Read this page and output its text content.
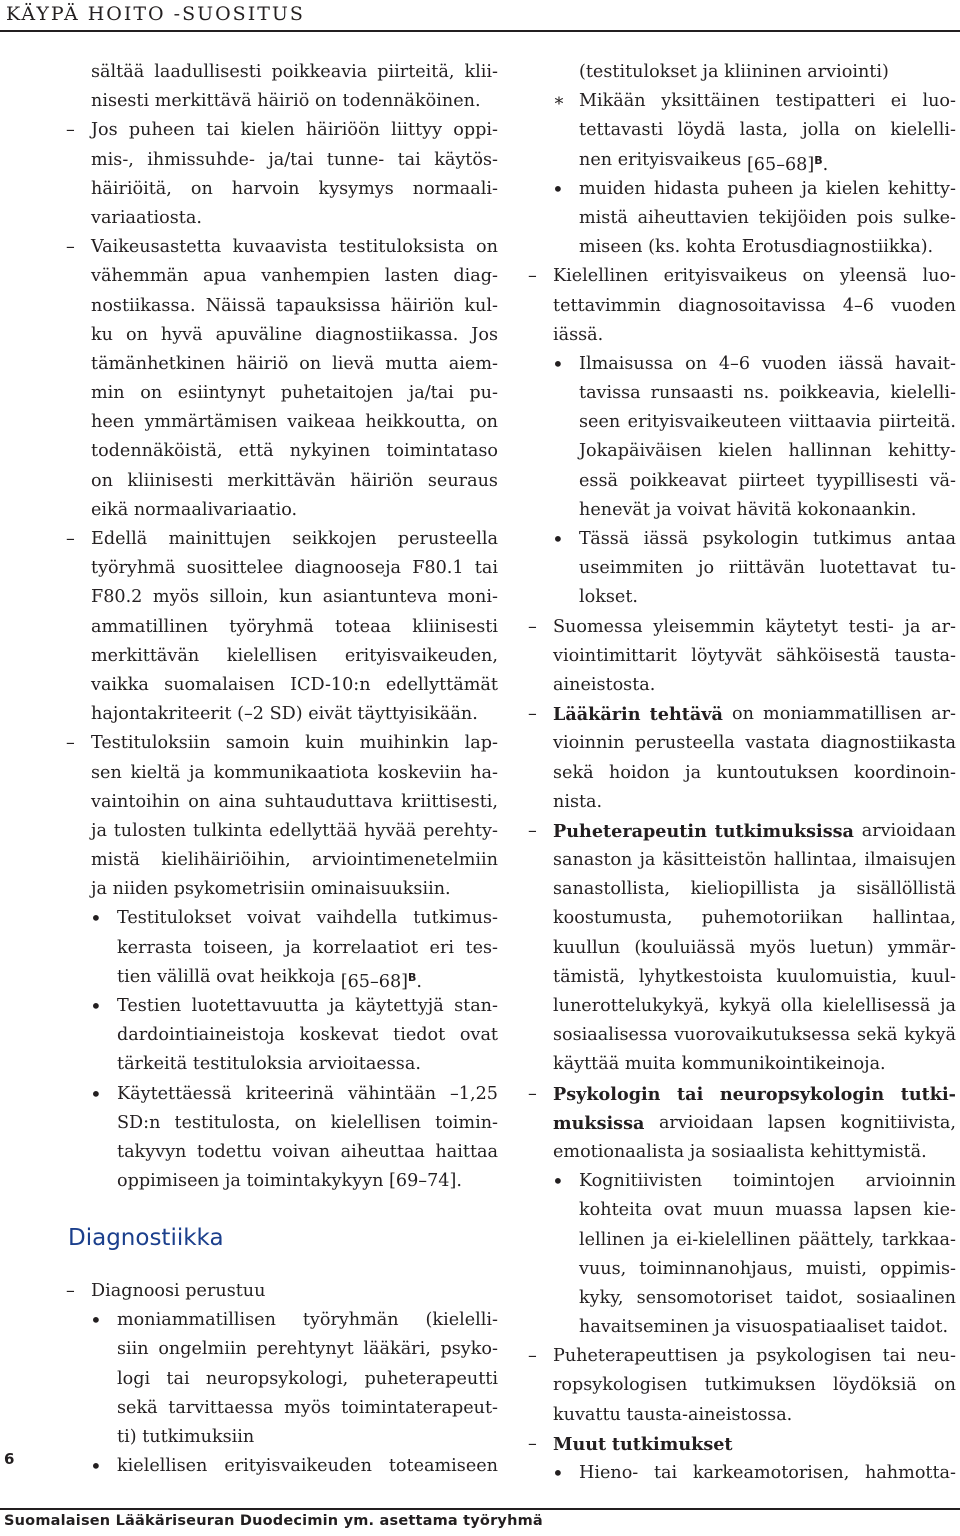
KÄYPÄ HOITO -SUOSITUS
sältää laadullisesti poikkeavia piirteitä, klii-
nisesti merkittävä häiriö on todennäköinen.
– Jos puheen tai kielen häiriöön liittyy oppi-
mis-, ihmissuhde- ja/tai tunne- tai käytös-
häiriöitä, on harvoin kysymys normaali-
variaatiosta.
– Vaikeusastetta kuvaavista testituloksista on
vähemmän apua vanhempien lasten diag-
nostiikassa. Näissä tapauksissa häiriön kul-
ku on hyvä apuväline diagnostiikassa. Jos
tämänhetkinen häiriö on lievä mutta aiem-
min on esiintynyt puhetaitojen ja/tai pu-
heen ymmärtämisen vaikeaa heikkoutta, on
todennäköistä, että nykyinen toimintataso
on kliinisesti merkittävän häiriön seuraus
eikä normaalivariaatio.
– Edellä mainittujen seikkojen perusteella
työryhmä suosittelee diagnooseja F80.1 tai
F80.2 myös silloin, kun asiantunteva moni-
ammatillinen työryhmä toteaa kliinisesti
merkittävän kielellisen erityisvaikeuden,
vaikka suomalaisen ICD-10:n edellyttämät
hajontakriteerit (–2 SD) eivät täyttyisikään.
– Testituloksiin samoin kuin muihinkin lap-
sen kieltä ja kommunikaatiota koskeviin ha-
vaintoihin on aina suhtauduttava kriittisesti,
ja tulosten tulkinta edellyttää hyvää perehty-
mistä kielihäiriöihin, arviointimenetelmiin
ja niiden psykometrisiin ominaisuuksiin.
• Testitulokset voivat vaihdella tutkimus-
kerrasta toiseen, ja korrelaatiot eri tes-
tien välillä ovat heikkoja $[65-68]^B$.
• Testien luotettavuutta ja käytettyjä stan-
dardointiaineistoja koskevat tiedot ovat
tärkeitä testituloksia arvioitaessa.
• Käytettäessä kriteerinä vähintään –1,25
SD:n testitulosta, on kielellisen toimin-
takyvyn todettu voivan aiheuttaa haittaa
oppimiseen ja toimintakykyyn [69–74].
Diagnostiikka
– Diagnoosi perustuu
• moniammatillisen työryhmän (kielelli-
siin ongelmiin perehtynyt lääkäri, psyko-
logi tai neuropsykologi, puheterapeutti
sekä tarvittaessa myös toimintaterapeut-
ti) tutkimuksiin
• kielellisen erityisvaikeuden toteamiseen
(testitulokset ja kliininen arviointi)
∗ Mikään yksittäinen testipatteri ei luo-
tettavasti löydä lasta, jolla on kielelli-
nen erityisvaikeus $[65-68]^B$.
• muiden hidasta puheen ja kielen kehitty-
mistä aiheuttavien tekijöiden pois sulke-
miseen (ks. kohta Erotusdiagnostiikka).
– Kielellinen erityisvaikeus on yleensä luo-
tettavimmin diagnosoitavissa 4–6 vuoden
iässä.
• Ilmaisussa on 4–6 vuoden iässä havait-
tavissa runsaasti ns. poikkeavia, kielelli-
seen erityisvaikeuteen viittaavia piirteitä.
Jokapäiväisen kielen hallinnan kehitty-
essä poikkeavat piirteet tyypillisesti vä-
henevät ja voivat hävitä kokonaankin.
• Tässä iässä psykologin tutkimus antaa
useimmiten jo riittävän luotettavat tu-
lokset.
– Suomessa yleisemmin käytetyt testi- ja ar-
viointimittarit löytyvät sähköisestä tausta-
aineistosta.
– Lääkärin tehtävä on moniammatillisen ar-
vioinnin perusteella vastata diagnostiikasta
sekä hoidon ja kuntoutuksen koordinoin-
nista.
– Puheterapeutin tutkimuksissa arvioidaan
sanaston ja käsitteistön hallintaa, ilmaisujen
sanastollista, kieliopillista ja sisällöllistä
koostumusta, puhemotoriikan hallintaa,
kuullun (kouluiässä myös luetun) ymmär-
tämistä, lyhytkestoista kuulomuistia, kuul-
lunerottelukykyä, kykyä olla kielellisessä ja
sosiaalisessa vuorovaikutuksessa sekä kykyä
käyttää muita kommunikointikeinoja.
– Psykologin tai neuropsykologin tutki-
muksissa arvioidaan lapsen kognitiivista,
emotionaalista ja sosiaalista kehittymistä.
• Kognitiivisten toimintojen arvioinnin
kohteita ovat muun muassa lapsen kie-
lellinen ja ei-kielellinen päättely, tarkkaa-
vuus, toiminnanohjaus, muisti, oppimis-
kyky, sensomotoriset taidot, sosiaalinen
havaitseminen ja visuospatiaaliset taidot.
– Puheterapeuttisen ja psykologisen tai neu-
ropsykologisen tutkimuksen löydöksiä on
kuvattu tausta-aineistossa.
– Muut tutkimukset
• Hieno- tai karkeamotorisen, hahmotta-
6
Suomalaisen Lääkäriseuran Duodecimin ym. asettama työryhmä
